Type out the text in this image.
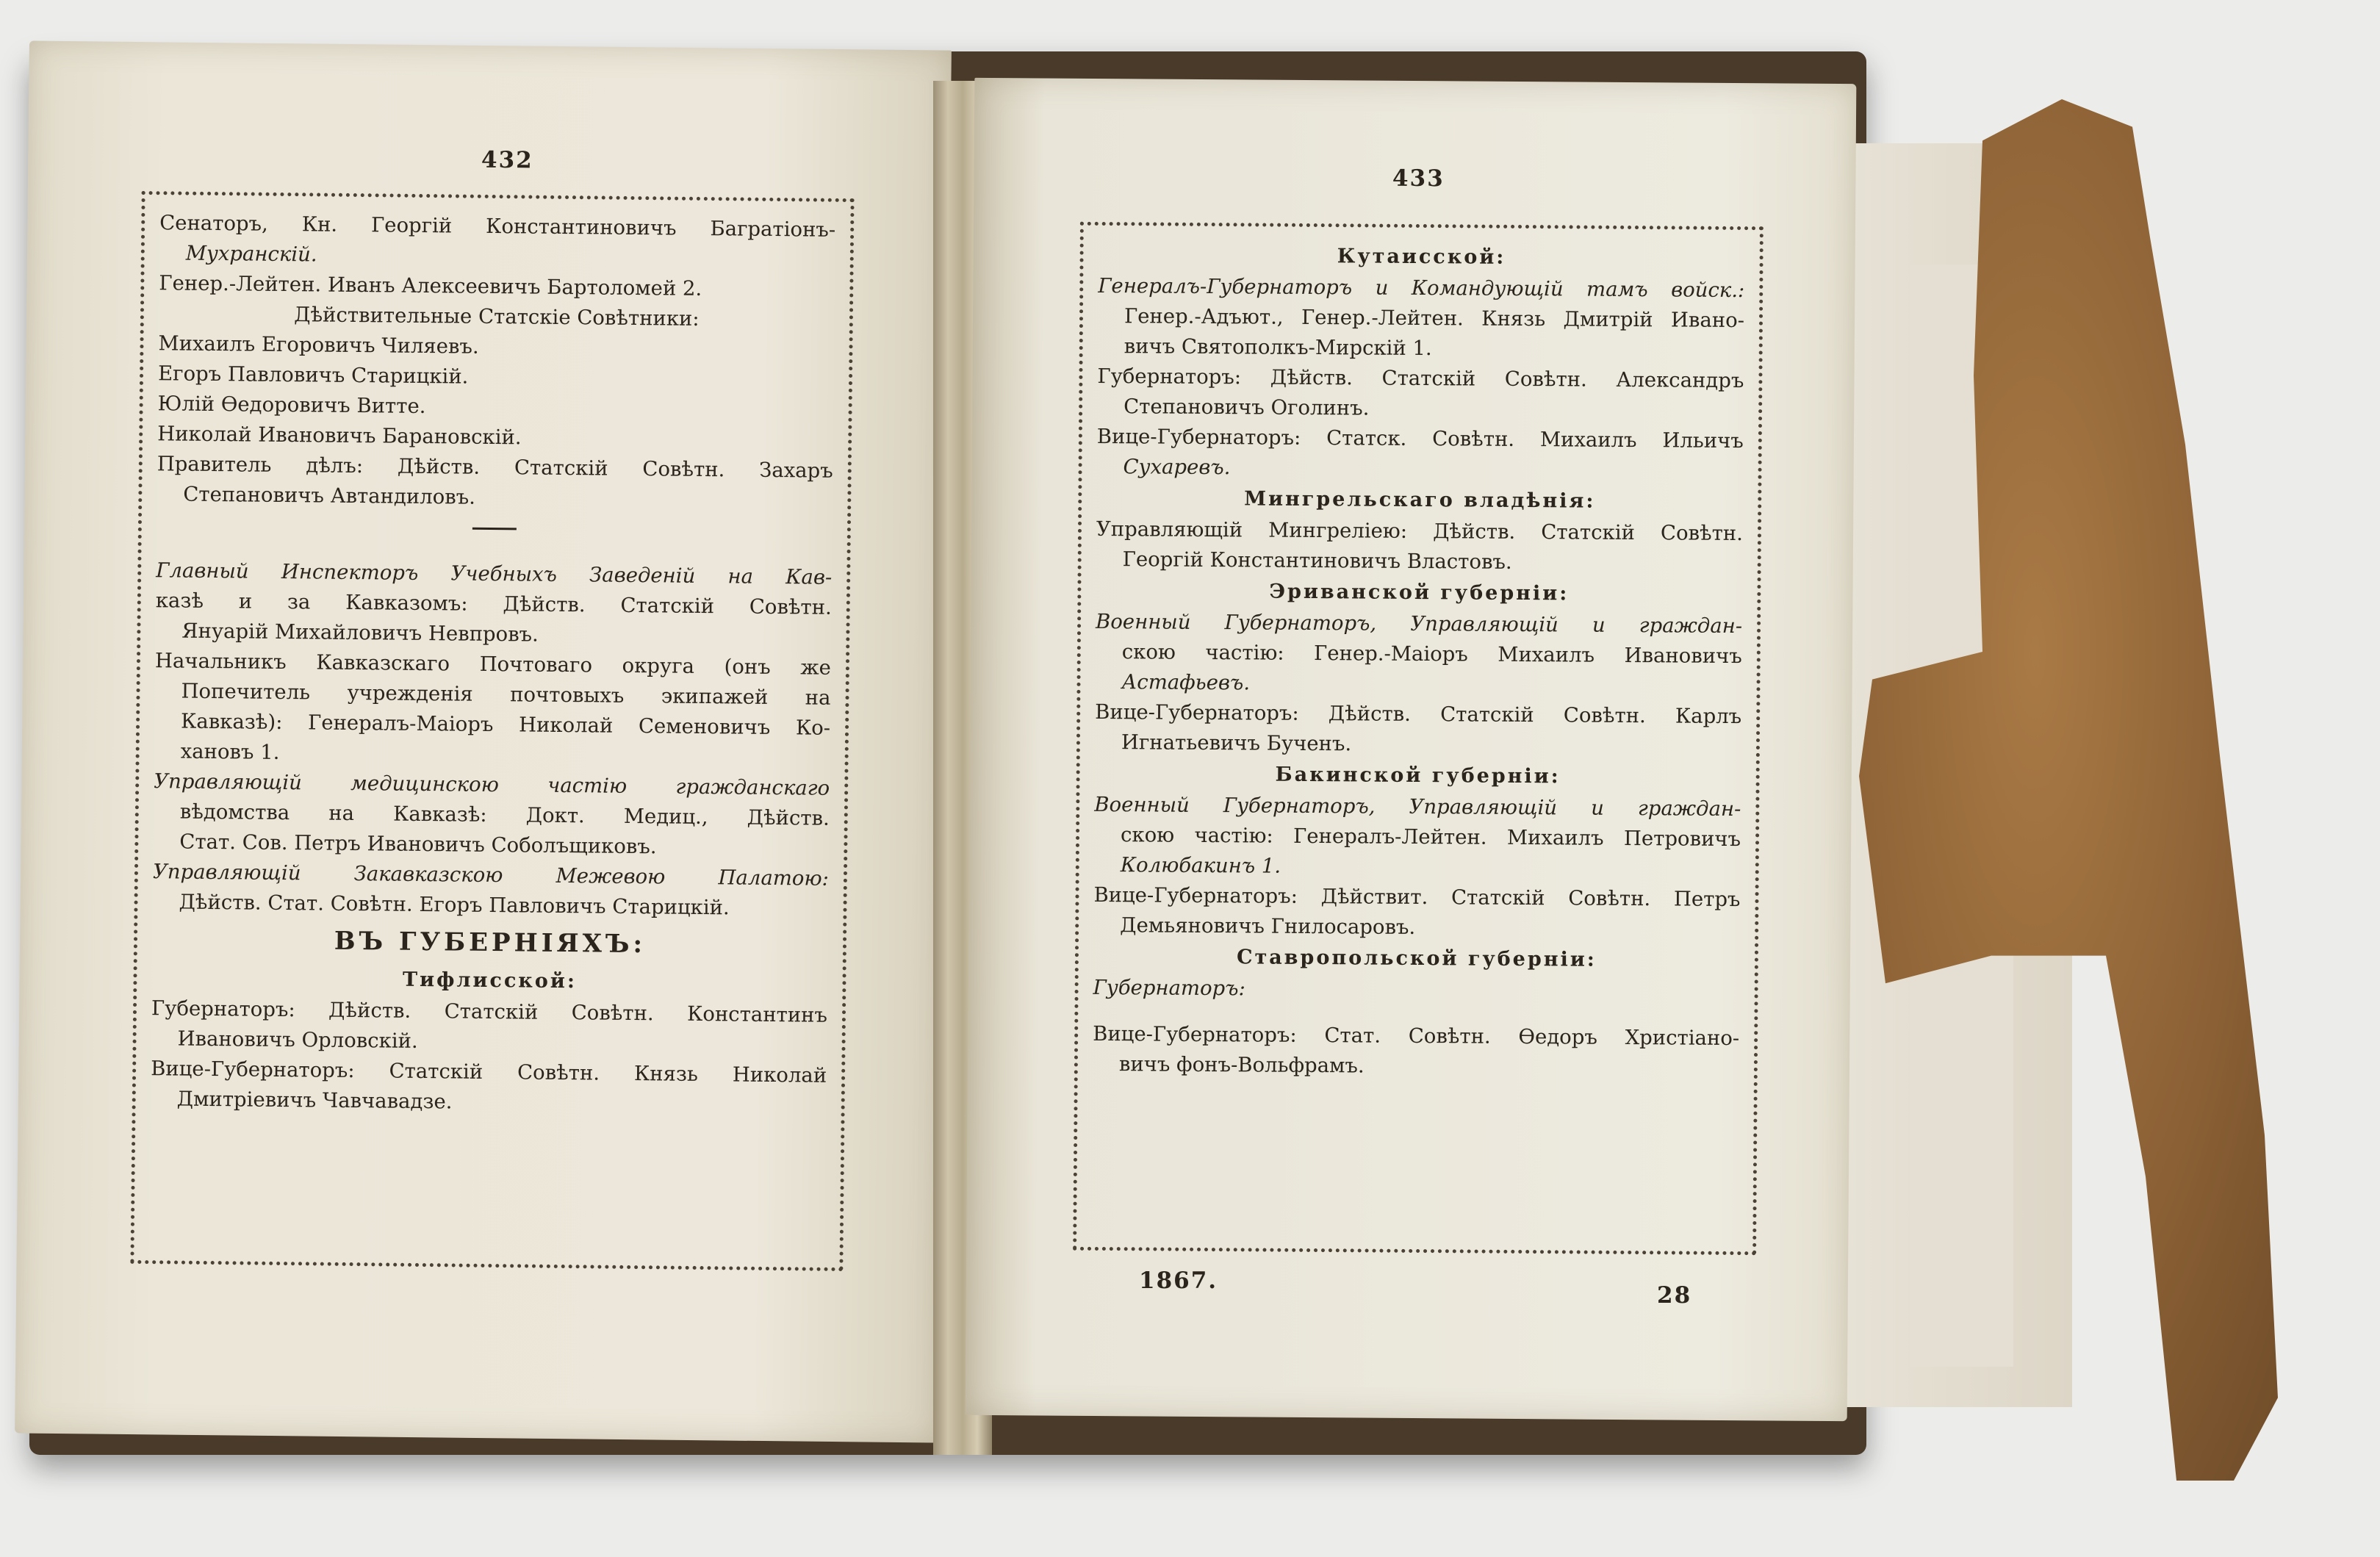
432

Сенаторъ, Кн. Георгій Константиновичъ Багратіонъ-

Мухранскій.

Генер.-Лейтен. Иванъ Алексеевичъ Бартоломей 2.

Дѣйствительные Статскіе Совѣтники:

Михаилъ Егоровичъ Чиляевъ.

Егоръ Павловичъ Старицкій.

Юлій Ѳедоровичъ Витте.

Николай Ивановичъ Барановскій.

Правитель дѣлъ: Дѣйств. Статскій Совѣтн. Захаръ

Степановичъ Автандиловъ.

Главный Инспекторъ Учебныхъ Заведеній на Кав-

казѣ и за Кавказомъ: Дѣйств. Статскій Совѣтн.

Януарій Михайловичъ Невпровъ.

Начальникъ Кавказскаго Почтоваго округа (онъ же

Попечитель учрежденія почтовыхъ экипажей на

Кавказѣ): Генералъ-Маіоръ Николай Семеновичъ Ко-

хановъ 1.

Управляющій медицинскою частію гражданскаго

вѣдомства на Кавказѣ: Докт. Медиц., Дѣйств.

Стат. Сов. Петръ Ивановичъ Соболъщиковъ.

Управляющій Закавказскою Межевою Палатою:

Дѣйств. Стат. Совѣтн. Егоръ Павловичъ Старицкій.

ВЪ ГУБЕРНІЯХЪ:
Тифлисской:

Губернаторъ: Дѣйств. Статскій Совѣтн. Константинъ

Ивановичъ Орловскій.

Вице-Губернаторъ: Статскій Совѣтн. Князь Николай

Дмитріевичъ Чавчавадзе.

433
Кутаисской:

Генералъ-Губернаторъ и Командующій тамъ войск.:

Генер.-Адъют., Генер.-Лейтен. Князь Дмитрій Ивано-

вичъ Святополкъ-Мирскій 1.

Губернаторъ: Дѣйств. Статскій Совѣтн. Александръ

Степановичъ Оголинъ.

Вице-Губернаторъ: Статск. Совѣтн. Михаилъ Ильичъ

Сухаревъ.

Мингрельскаго владѣнія:

Управляющій Мингреліею: Дѣйств. Статскій Совѣтн.

Георгій Константиновичъ Властовъ.

Эриванской губерніи:

Военный Губернаторъ, Управляющій и граждан-

скою частію: Генер.-Маіоръ Михаилъ Ивановичъ

Астафьевъ.

Вице-Губернаторъ: Дѣйств. Статскій Совѣтн. Карлъ

Игнатьевичъ Бученъ.

Бакинской губерніи:

Военный Губернаторъ, Управляющій и граждан-

скою частію: Генералъ-Лейтен. Михаилъ Петровичъ

Колюбакинъ 1.

Вице-Губернаторъ: Дѣйствит. Статскій Совѣтн. Петръ

Демьяновичъ Гнилосаровъ.

Ставропольской губерніи:

Губернаторъ:

Вице-Губернаторъ: Стат. Совѣтн. Ѳедоръ Христіано-

вичъ фонъ-Вольфрамъ.

1867.
28
